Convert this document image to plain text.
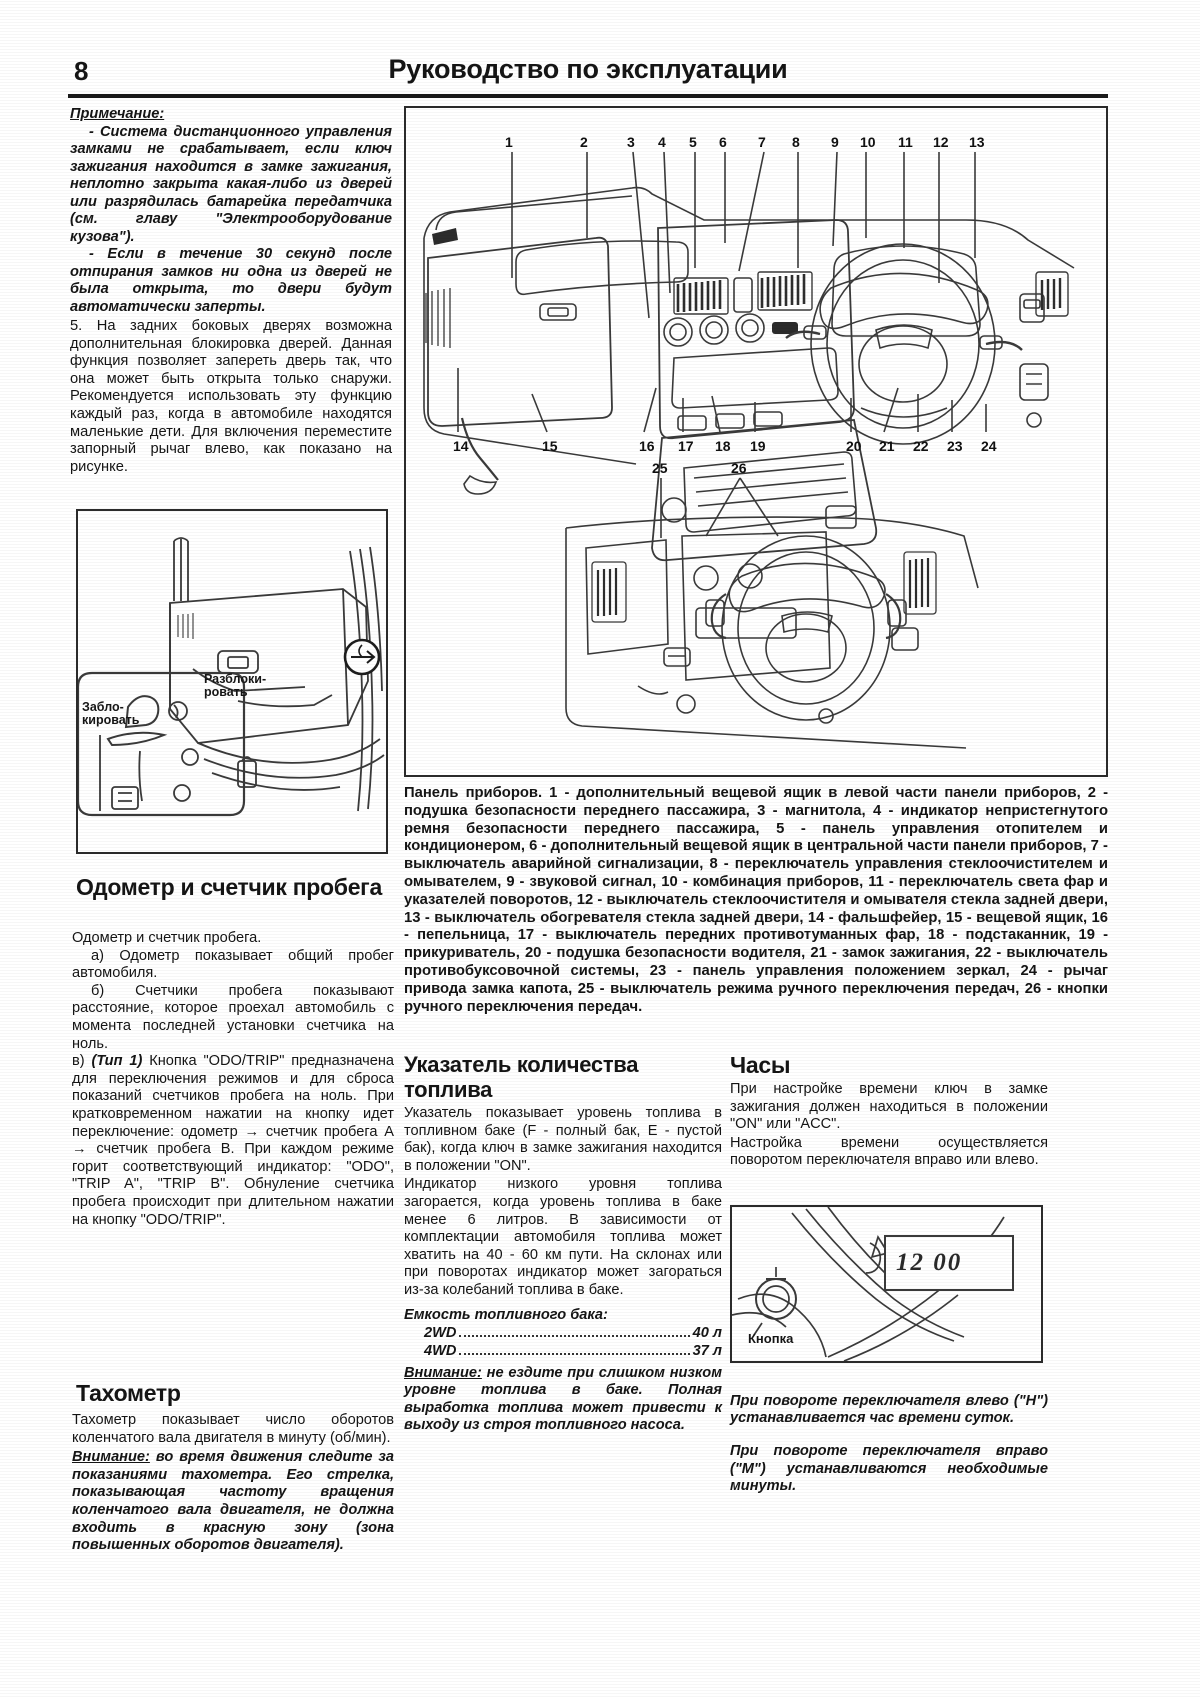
8	Руководство по эксплуатации
Примечание:
- Система дистанционного управления замками не срабатывает, если ключ зажигания находится в замке зажигания, неплотно закрыта какая-либо из дверей или разрядилась батарейка передатчика (см. главу "Электрооборудование кузова").
- Если в течение 30 секунд после отпирания замков ни одна из дверей не была открыта, то двери будут автоматически заперты.
5. На задних боковых дверях возможна дополнительная блокировка дверей. Данная функция позволяет запереть дверь так, что она может быть открыта только снаружи. Рекомендуется использовать эту функцию каждый раз, когда в автомобиле находятся маленькие дети. Для включения переместите запорный рычаг влево, как показано на рисунке.
Разблоки-
ровать
Забло-
кировать
Одометр и счетчик пробега

Одометр и счетчик пробега.

а) Одометр показывает общий пробег автомобиля.

б) Счетчики пробега показывают расстояние, которое проехал автомобиль с момента последней установки счетчика на ноль.

в) (Тип 1) Кнопка "ODO/TRIP" предназначена для переключения режимов и для сброса показаний счетчиков пробега на ноль. При кратковременном нажатии на кнопку идет переключение: одометр → счетчик пробега А → счетчик пробега В. При каждом режиме горит соответствующий индикатор: "ODO", "TRIP A", "TRIP B". Обнуление счетчика пробега происходит при длительном нажатии на кнопку "ODO/TRIP".

Тахометр

Тахометр показывает число оборотов коленчатого вала двигателя в минуту (об/мин).

Внимание: во время движения следите за показаниями тахометра. Его стрелка, показывающая частоту вращения коленчатого вала двигателя, не должна входить в красную зону (зона повышенных оборотов двигателя).

1	2	3 4 5 6 7 8 9 10 11 12 13
14	15	16 17 18 19	20 21 22 23 24
25	26
Панель приборов. 1 - дополнительный вещевой ящик в левой части панели приборов, 2 - подушка безопасности переднего пассажира, 3 - магнитола, 4 - индикатор непристегнутого ремня безопасности переднего пассажира, 5 - панель управления отопителем и кондиционером, 6 - дополнительный вещевой ящик в центральной части панели приборов, 7 - выключатель аварийной сигнализации, 8 - переключатель управления стеклоочистителем и омывателем, 9 - звуковой сигнал, 10 - комбинация приборов, 11 - переключатель света фар и указателей поворотов, 12 - выключатель стеклоочистителя и омывателя стекла задней двери, 13 - выключатель обогревателя стекла задней двери, 14 - фальшфейер, 15 - вещевой ящик, 16 - пепельница, 17 - выключатель передних противотуманных фар, 18 - подстаканник, 19 - прикуриватель, 20 - подушка безопасности водителя, 21 - замок зажигания, 22 - выключатель противобуксовочной системы, 23 - панель управления положением зеркал, 24 - рычаг привода замка капота, 25 - выключатель режима ручного переключения передач, 26 - кнопки ручного переключения передач.
Указатель количества топлива

Указатель показывает уровень топлива в топливном баке (F - полный бак, Е - пустой бак), когда ключ в замке зажигания находится в положении "ON".

Индикатор низкого уровня топлива загорается, когда уровень топлива в баке менее 6 литров. В зависимости от комплектации автомобиля топлива может хватить на 40 - 60 км пути. На склонах или при поворотах индикатор может загораться из-за колебаний топлива в баке.

Емкость топливного бака:
2WD	40 л
4WD	37 л

Внимание: не ездите при слишком низком уровне топлива в баке. Полная выработка топлива может привести к выходу из строя топливного насоса.

Часы

При настройке времени ключ в замке зажигания должен находиться в положении "ON" или "ACC".

Настройка времени осуществляется поворотом переключателя вправо или влево.

12 00
Кнопка

При повороте переключателя влево ("H") устанавливается час времени суток.

При повороте переключателя вправо ("M") устанавливаются необходимые минуты.
